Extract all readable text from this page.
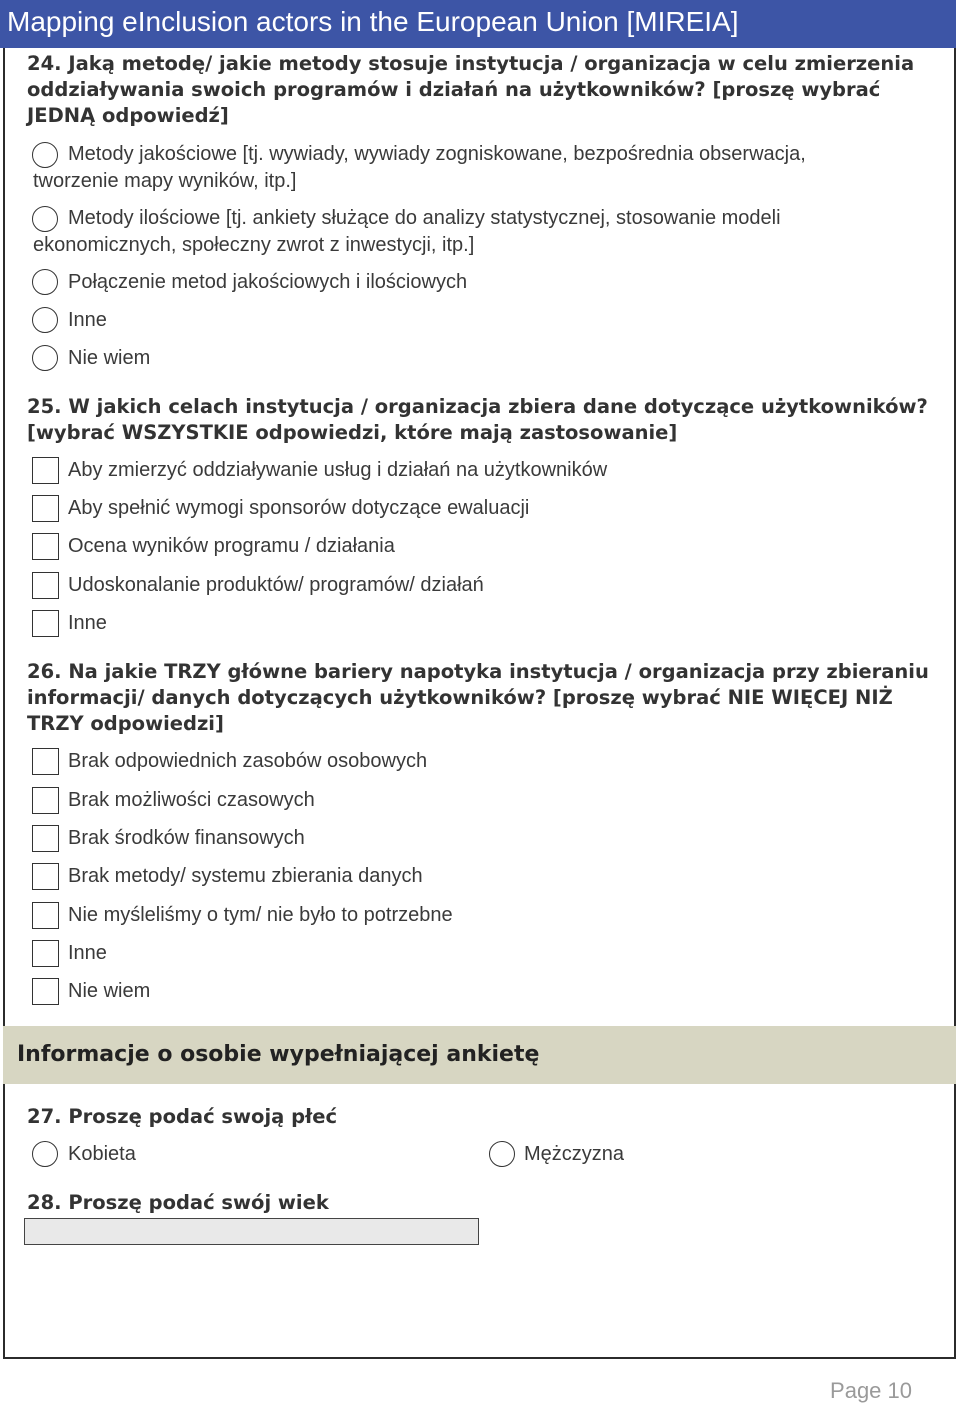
Mapping eInclusion actors in the European Union [MIREIA]
24. Jaką metodę/ jakie metody stosuje instytucja / organizacja w celu zmierzenia oddziaływania swoich programów i działań na użytkowników? [proszę wybrać JEDNĄ odpowiedź]
Metody jakościowe [tj. wywiady, wywiady zogniskowane, bezpośrednia obserwacja,
tworzenie mapy wyników, itp.]
Metody ilościowe [tj. ankiety służące do analizy statystycznej, stosowanie modeli
ekonomicznych, społeczny zwrot z inwestycji, itp.]
Połączenie metod jakościowych i ilościowych
Inne
Nie wiem
25. W jakich celach instytucja / organizacja zbiera dane dotyczące użytkowników? [wybrać WSZYSTKIE odpowiedzi, które mają zastosowanie]
Aby zmierzyć oddziaływanie usług i działań na użytkowników
Aby spełnić wymogi sponsorów dotyczące ewaluacji
Ocena wyników programu / działania
Udoskonalanie produktów/ programów/ działań
Inne
26. Na jakie TRZY główne bariery napotyka instytucja / organizacja przy zbieraniu informacji/ danych dotyczących użytkowników? [proszę wybrać NIE WIĘCEJ NIŻ TRZY odpowiedzi]
Brak odpowiednich zasobów osobowych
Brak możliwości czasowych
Brak środków finansowych
Brak metody/ systemu zbierania danych
Nie myśleliśmy o tym/ nie było to potrzebne
Inne
Nie wiem
Informacje o osobie wypełniającej ankietę
27. Proszę podać swoją płeć
Kobieta	Mężczyzna
28. Proszę podać swój wiek
Page 10
